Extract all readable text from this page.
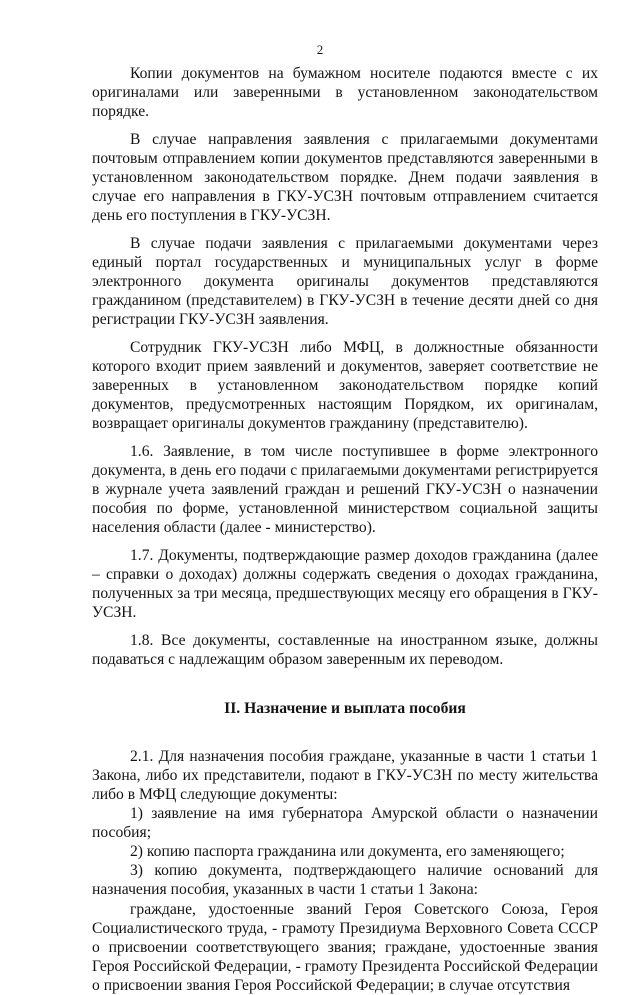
2

Копии документов на бумажном носителе подаются вместе с их оригиналами или заверенными в установленном законодательством порядке.

В случае направления заявления с прилагаемыми документами почтовым отправлением копии документов представляются заверенными в установленном законодательством порядке. Днем подачи заявления в случае его направления в ГКУ-УСЗН почтовым отправлением считается день его поступления в ГКУ-УСЗН.

В случае подачи заявления с прилагаемыми документами через единый портал государственных и муниципальных услуг в форме электронного документа оригиналы документов представляются гражданином (представителем) в ГКУ-УСЗН в течение десяти дней со дня регистрации ГКУ-УСЗН заявления.

Сотрудник ГКУ-УСЗН либо МФЦ, в должностные обязанности которого входит прием заявлений и документов, заверяет соответствие не заверенных в установленном законодательством порядке копий документов, предусмотренных настоящим Порядком, их оригиналам, возвращает оригиналы документов гражданину (представителю).

1.6. Заявление, в том числе поступившее в форме электронного документа, в день его подачи с прилагаемыми документами регистрируется в журнале учета заявлений граждан и решений ГКУ-УСЗН о назначении пособия по форме, установленной министерством социальной защиты населения области (далее - министерство).

1.7. Документы, подтверждающие размер доходов гражданина (далее – справки о доходах) должны содержать сведения о доходах гражданина, полученных за три месяца, предшествующих месяцу его обращения в ГКУ-УСЗН.

1.8. Все документы, составленные на иностранном языке, должны подаваться с надлежащим образом заверенным их переводом.

II. Назначение и выплата пособия

2.1. Для назначения пособия граждане, указанные в части 1 статьи 1 Закона, либо их представители, подают в ГКУ-УСЗН по месту жительства либо в МФЦ следующие документы:

1) заявление на имя губернатора Амурской области о назначении пособия;

2) копию паспорта гражданина или документа, его заменяющего;

3) копию документа, подтверждающего наличие оснований для назначения пособия, указанных в части 1 статьи 1 Закона:

граждане, удостоенные званий Героя Советского Союза, Героя Социалистического труда, - грамоту Президиума Верховного Совета СССР о присвоении соответствующего звания; граждане, удостоенные звания Героя Российской Федерации, - грамоту Президента Российской Федерации о присвоении звания Героя Российской Федерации; в случае отсутствия
